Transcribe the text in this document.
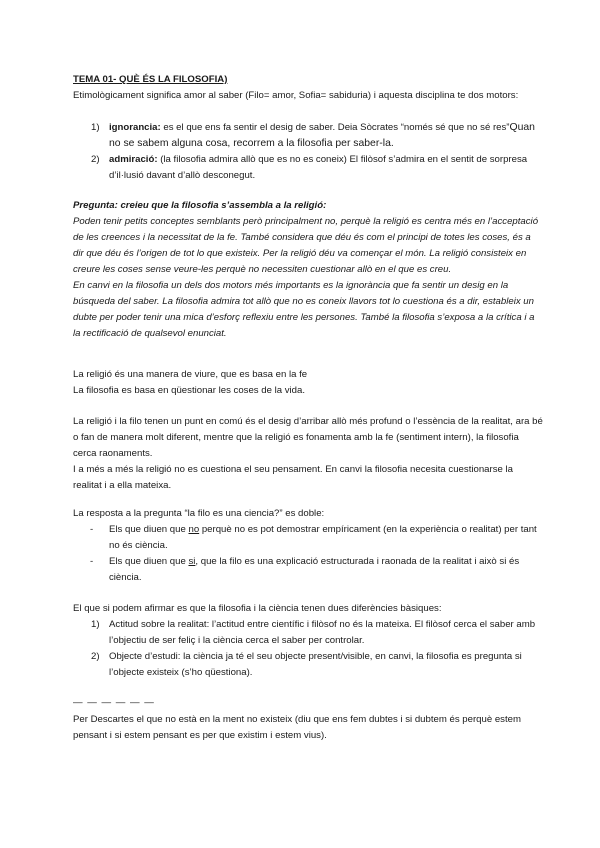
TEMA 01- QUÈ ÉS LA FILOSOFIA​)
Etimològicament significa amor al saber (Filo= amor, Sofia= sabiduria) i aquesta disciplina te dos motors:
1) ignorancia: es el que ens fa sentir el desig de saber. Deia Sòcrates “només sé que no sé res”Quan no se sabem alguna cosa, recorrem a la filosofia per saber-la.
2) admiració: (la filosofia admira allò que es no es coneix) El filòsof s’admira en el sentit de sorpresa d’il·lusió davant d’allò desconegut.
Pregunta: creieu que la filosofia s’assembla a la religió:
Poden tenir petits conceptes semblants però principalment no, perquè la religió es centra més en l’acceptació de les creences i la necessitat de la fe. També considera que déu és com el principi de totes les coses, és a dir que déu és l’origen de tot lo que existeix. Per la religió déu va començar el món. La religió consisteix en creure les coses sense veure-les perquè no necessiten cuestionar allò en el que es creu.
En canvi en la filosofia un dels dos motors més importants es la ignorància que fa sentir un desig en la búsqueda del saber. La filosofia admira tot allò que no es coneix llavors tot lo cuestiona és a dir, estableix un dubte per poder tenir una mica d’esforç reflexiu entre les persones. També la filosofia s’exposa a la crítica i a la rectificació de qualsevol enunciat.
La religió és una manera de viure, que es basa en la fe
La filosofia es basa en qüestionar les coses de la vida.
La religió i la filo tenen un punt en comú és el desig d’arribar allò més profund o l’essència de la realitat, ara bé o fan de manera molt diferent, mentre que la religió es fonamenta amb la fe (sentiment intern), la filosofia cerca raonaments.
I a més a més la religió no es cuestiona el seu pensament. En canvi la filosofia necesita cuestionarse la realitat i a ella mateixa.
La resposta a la pregunta “la filo es una ciencia?” es doble:
- Els que diuen que no perquè no es pot demostrar empíricament (en la experiència o realitat) per tant no és ciència.
- Els que diuen que si, que la filo es una explicació estructurada i raonada de la realitat i això si és ciència.
El que si podem afirmar es que la filosofia i la ciència tenen dues diferències bàsiques:
1) Actitud sobre la realitat: l’actitud entre científic i filòsof no és la mateixa. El filòsof cerca el saber amb l’objectiu de ser feliç i la ciència cerca el saber per controlar.
2) Objecte d’estudi: la ciència ja té el seu objecte present/visible, en canvi, la filosofia es pregunta si l’objecte existeix (s’ho qüestiona).
— — — — — —
Per Descartes el que no està en la ment no existeix (diu que ens fem dubtes i si dubtem és perquè estem pensant i si estem pensant es per que existim i estem vius).
